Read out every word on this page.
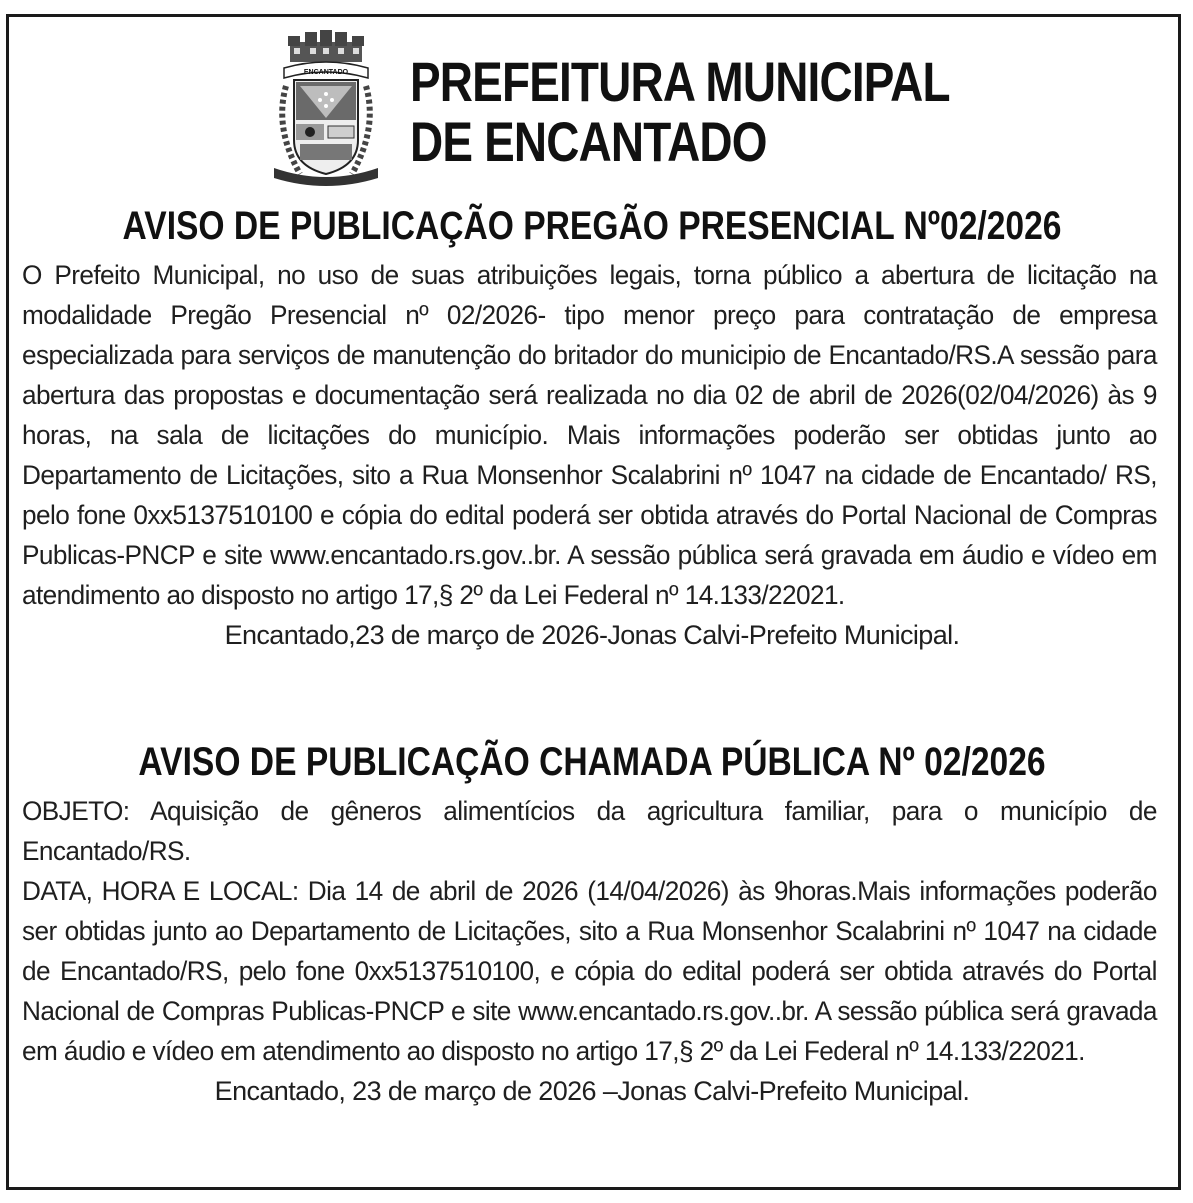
ENCANTADO PREFEITURA MUNICIPAL
DE ENCANTADO
AVISO DE PUBLICAÇÃO PREGÃO PRESENCIAL Nº02/2026

O Prefeito Municipal, no uso de suas atribuições legais, torna público a abertura de licitação na modalidade Pregão Presencial nº 02/2026- tipo menor preço para contratação de empresa especializada para serviços de manutenção do britador do municipio de Encantado/RS.A sessão para abertura das propostas e documentação será realizada no dia 02 de abril de 2026(02/04/2026) às 9 horas, na sala de licitações do município. Mais informações poderão ser obtidas junto ao Departamento de Licitações, sito a Rua Monsenhor Scalabrini nº 1047 na cidade de Encantado/ RS, pelo fone 0xx5137510100 e cópia do edital poderá ser obtida através do Portal Nacional de Compras Publicas-PNCP e site www.encantado.rs.gov..br. A sessão pública será gravada em áudio e vídeo em atendimento ao disposto no artigo 17,§ 2º da Lei Federal nº 14.133/22021.

Encantado,23 de março de 2026-Jonas Calvi-Prefeito Municipal.

AVISO DE PUBLICAÇÃO CHAMADA PÚBLICA Nº 02/2026

OBJETO: Aquisição de gêneros alimentícios da agricultura familiar, para o município de Encantado/RS.

DATA, HORA E LOCAL: Dia 14 de abril de 2026 (14/04/2026) às 9horas.Mais informações poderão ser obtidas junto ao Departamento de Licitações, sito a Rua Monsenhor Scalabrini nº 1047 na cidade de Encantado/RS, pelo fone 0xx5137510100, e cópia do edital poderá ser obtida através do Portal Nacional de Compras Publicas-PNCP e site www.encantado.rs.gov..br. A sessão pública será gravada em áudio e vídeo em atendimento ao disposto no artigo 17,§ 2º da Lei Federal nº 14.133/22021.

Encantado, 23 de março de 2026 –Jonas Calvi-Prefeito Municipal.
